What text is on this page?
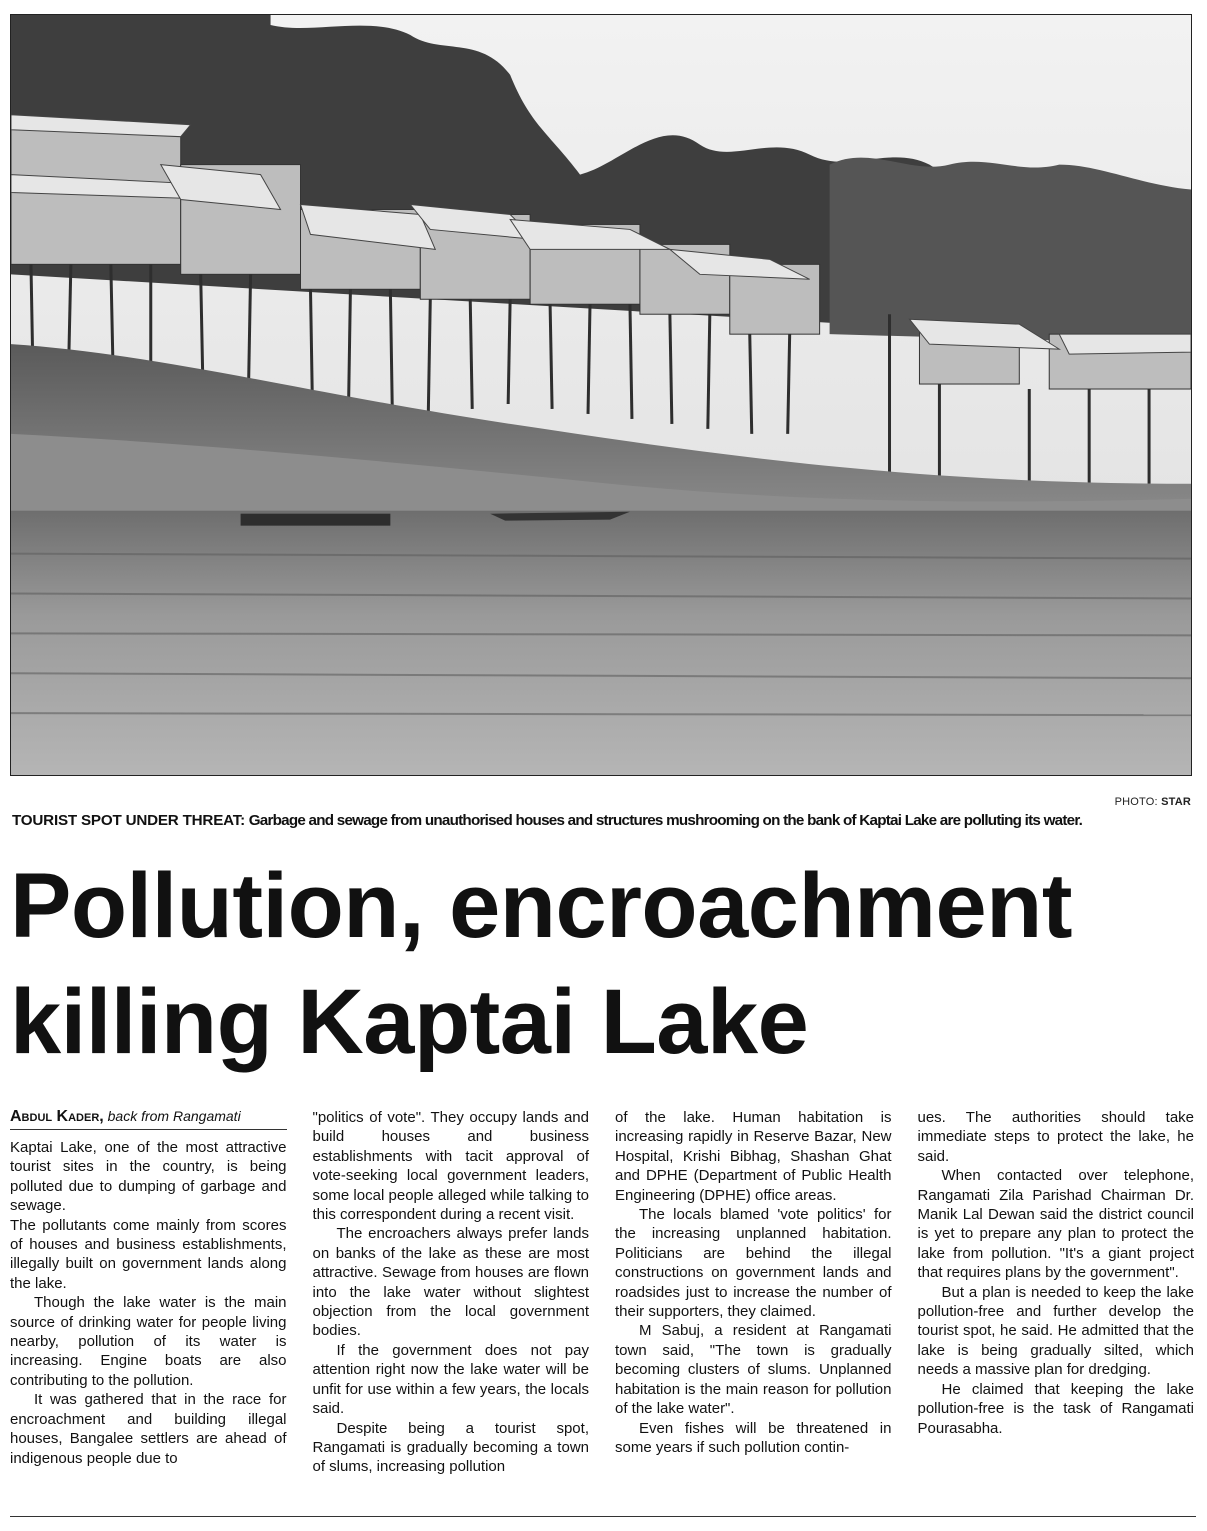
PHOTO: STAR
TOURIST SPOT UNDER THREAT: Garbage and sewage from unauthorised houses and structures mushrooming on the bank of Kaptai Lake are polluting its water.
Pollution, encroachment
killing Kaptai Lake
Abdul Kader, back from Rangamati

Kaptai Lake, one of the most attractive tourist sites in the country, is being polluted due to dumping of garbage and sewage.

The pollutants come mainly from scores of houses and business establishments, illegally built on government lands along the lake.

Though the lake water is the main source of drinking water for people living nearby, pollution of its water is increasing. Engine boats are also contributing to the pollution.

It was gathered that in the race for encroachment and building illegal houses, Bangalee settlers are ahead of indigenous people due to

"politics of vote". They occupy lands and build houses and business establishments with tacit approval of vote-seeking local government leaders, some local people alleged while talking to this correspondent during a recent visit.

The encroachers always prefer lands on banks of the lake as these are most attractive. Sewage from houses are flown into the lake water without slightest objection from the local government bodies.

If the government does not pay attention right now the lake water will be unfit for use within a few years, the locals said.

Despite being a tourist spot, Rangamati is gradually becoming a town of slums, increasing pollution

of the lake. Human habitation is increasing rapidly in Reserve Bazar, New Hospital, Krishi Bibhag, Shashan Ghat and DPHE (Department of Public Health Engineering (DPHE) office areas.

The locals blamed 'vote politics' for the increasing unplanned habitation. Politicians are behind the illegal constructions on government lands and roadsides just to increase the number of their supporters, they claimed.

M Sabuj, a resident at Rangamati town said, "The town is gradually becoming clusters of slums. Unplanned habitation is the main reason for pollution of the lake water".

Even fishes will be threatened in some years if such pollution contin-

ues. The authorities should take immediate steps to protect the lake, he said.

When contacted over telephone, Rangamati Zila Parishad Chairman Dr. Manik Lal Dewan said the district council is yet to prepare any plan to protect the lake from pollution. "It's a giant project that requires plans by the government".

But a plan is needed to keep the lake pollution-free and further develop the tourist spot, he said. He admitted that the lake is being gradually silted, which needs a massive plan for dredging.

He claimed that keeping the lake pollution-free is the task of Rangamati Pourasabha.
